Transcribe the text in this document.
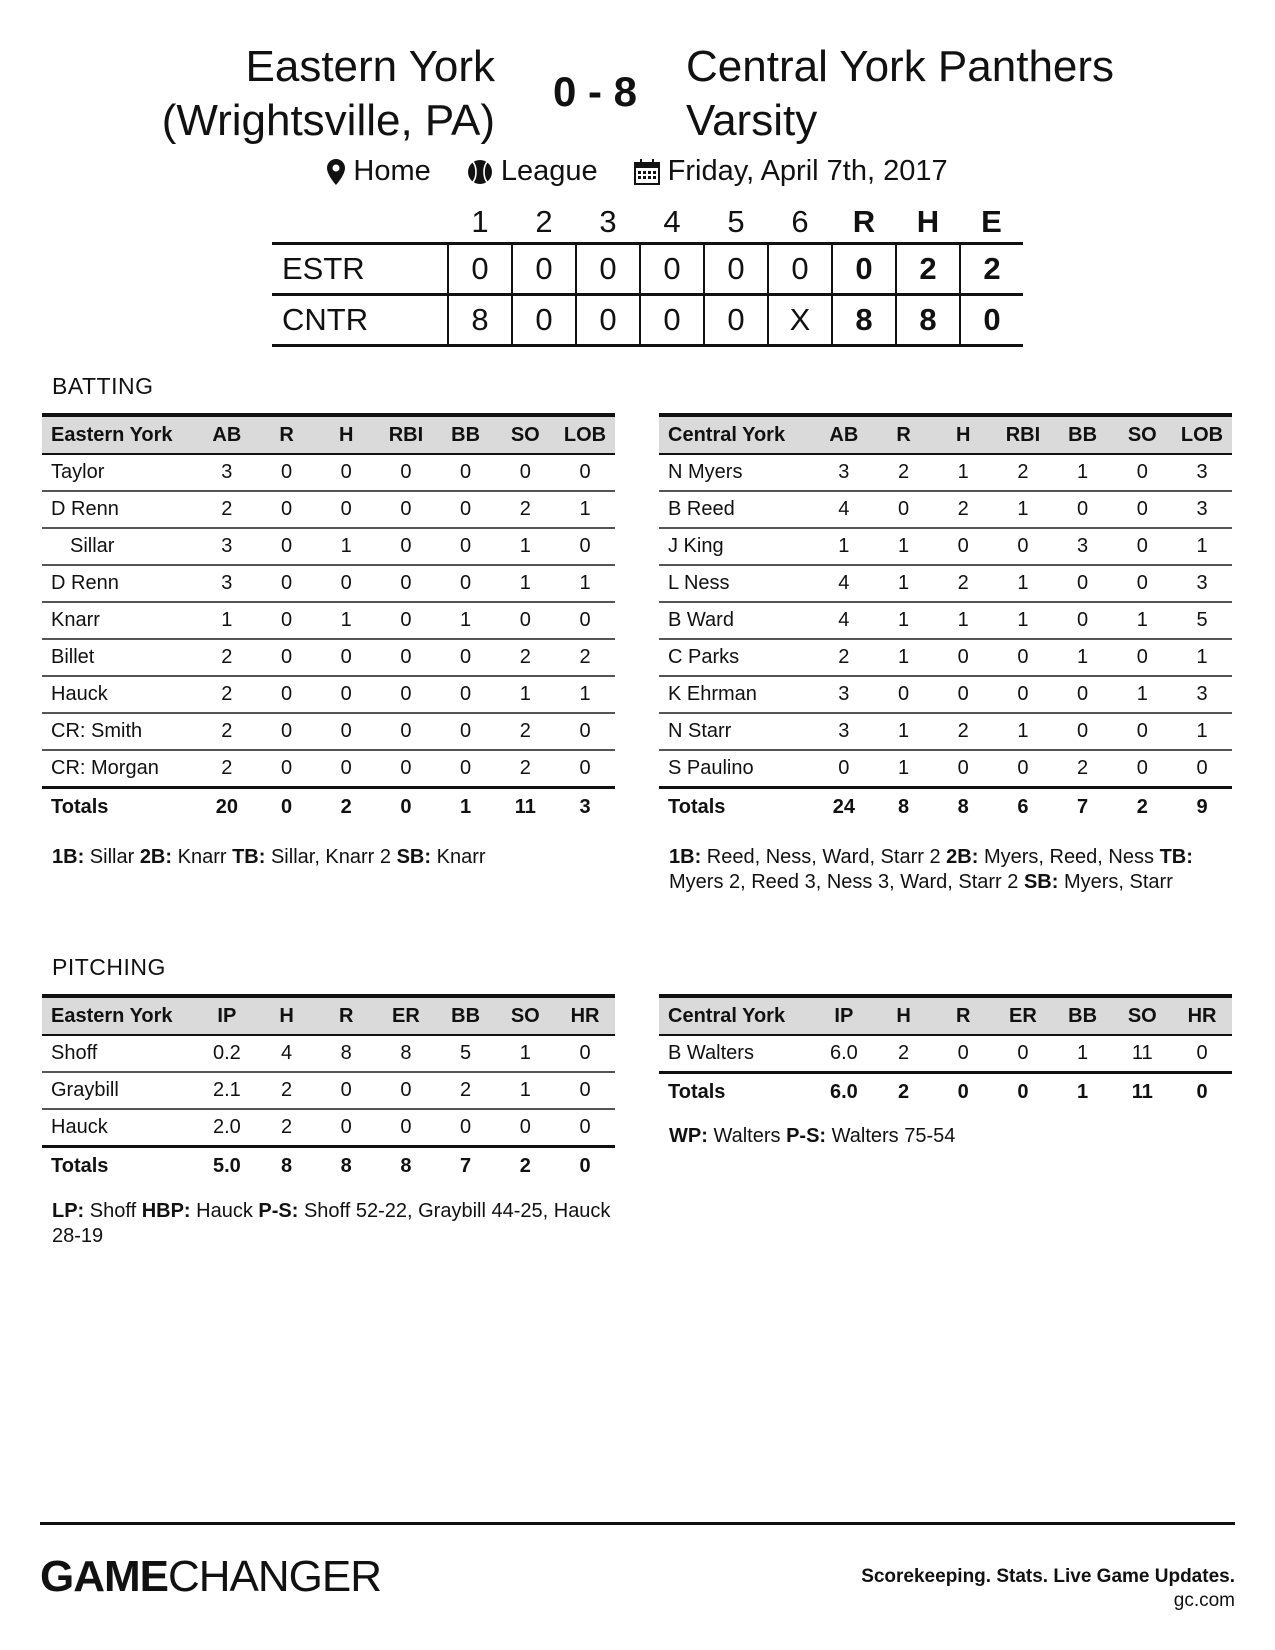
Eastern York
(Wrightsville, PA)
0 - 8
Central York Panthers
Varsity
Home
League
Friday, April 7th, 2017
	1	2	3	4	5	6	R	H	E
ESTR	0	0	0	0	0	0	0	2	2
CNTR	8	0	0	0	0	X	8	8	0
BATTING
PITCHING
Eastern York	AB	R	H	RBI	BB	SO	LOB
Taylor	3	0	0	0	0	0	0
D Renn	2	0	0	0	0	2	1
Sillar	3	0	1	0	0	1	0
D Renn	3	0	0	0	0	1	1
Knarr	1	0	1	0	1	0	0
Billet	2	0	0	0	0	2	2
Hauck	2	0	0	0	0	1	1
CR: Smith	2	0	0	0	0	2	0
CR: Morgan	2	0	0	0	0	2	0
Totals	20	0	2	0	1	11	3
Central York	AB	R	H	RBI	BB	SO	LOB
N Myers	3	2	1	2	1	0	3
B Reed	4	0	2	1	0	0	3
J King	1	1	0	0	3	0	1
L Ness	4	1	2	1	0	0	3
B Ward	4	1	1	1	0	1	5
C Parks	2	1	0	0	1	0	1
K Ehrman	3	0	0	0	0	1	3
N Starr	3	1	2	1	0	0	1
S Paulino	0	1	0	0	2	0	0
Totals	24	8	8	6	7	2	9
Eastern York	IP	H	R	ER	BB	SO	HR
Shoff	0.2	4	8	8	5	1	0
Graybill	2.1	2	0	0	2	1	0
Hauck	2.0	2	0	0	0	0	0
Totals	5.0	8	8	8	7	2	0
Central York	IP	H	R	ER	BB	SO	HR
B Walters	6.0	2	0	0	1	11	0
Totals	6.0	2	0	0	1	11	0
1B: Sillar 2B: Knarr TB: Sillar, Knarr 2 SB: Knarr	1B: Reed, Ness, Ward, Starr 2 2B: Myers, Reed, Ness TB: Myers 2, Reed 3, Ness 3, Ward, Starr 2 SB: Myers, Starr
LP: Shoff HBP: Hauck P-S: Shoff 52-22, Graybill 44-25, Hauck 28-19
WP: Walters P-S: Walters 75-54
GAMECHANGER	Scorekeeping. Stats. Live Game Updates.
gc.com
